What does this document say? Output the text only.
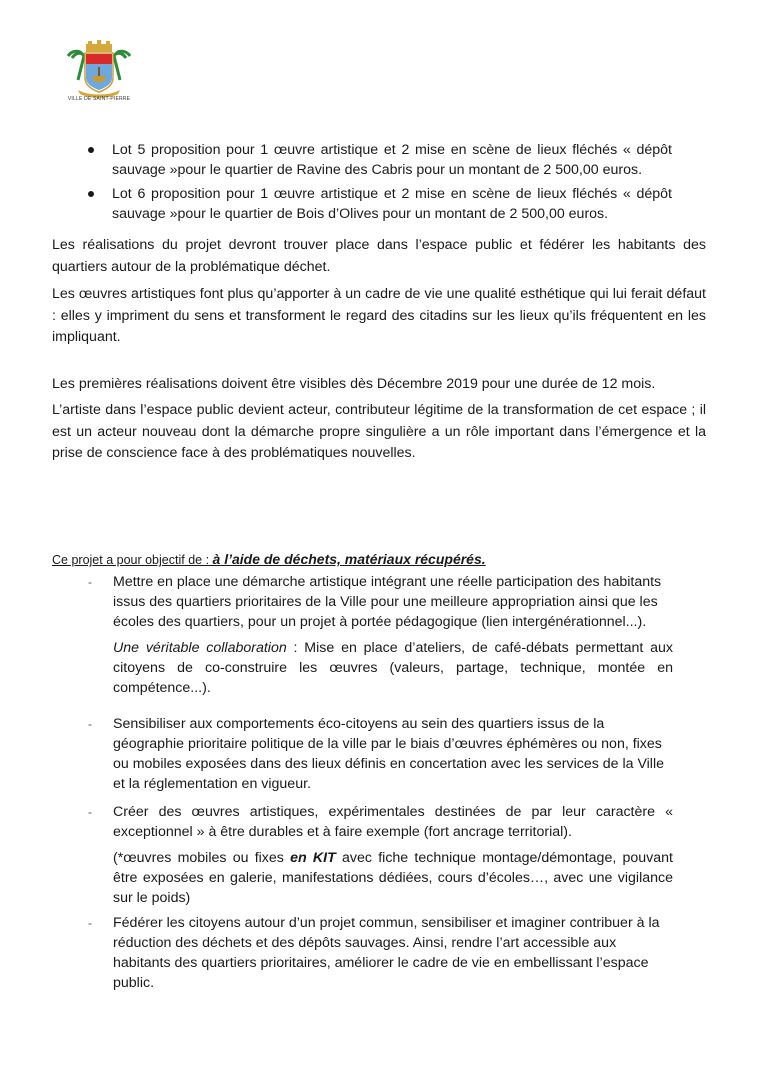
VILLE DE SAINT-PIERRE
Lot 5 proposition pour 1 œuvre artistique et 2 mise en scène de lieux fléchés « dépôt sauvage »pour le quartier de Ravine des Cabris pour un montant de 2 500,00 euros.
Lot 6 proposition pour 1 œuvre artistique et 2 mise en scène de lieux fléchés « dépôt sauvage »pour le quartier de Bois d’Olives pour un montant de 2 500,00 euros.

Les réalisations du projet devront trouver place dans l’espace public et fédérer les habitants des quartiers autour de la problématique déchet.

Les œuvres artistiques font plus qu’apporter à un cadre de vie une qualité esthétique qui lui ferait défaut : elles y impriment du sens et transforment le regard des citadins sur les lieux qu’ils fréquentent en les impliquant.

Les premières réalisations doivent être visibles dès Décembre 2019 pour une durée de 12 mois.

L’artiste dans l’espace public devient acteur, contributeur légitime de la transformation de cet espace ; il est un acteur nouveau dont la démarche propre singulière a un rôle important dans l’émergence et la prise de conscience face à des problématiques nouvelles.

Ce projet a pour objectif de : à l’aide de déchets, matériaux récupérés.

-	Mettre en place une démarche artistique intégrant une réelle participation des habitants issus des quartiers prioritaires de la Ville pour une meilleure appropriation ainsi que les écoles des quartiers, pour un projet à portée pédagogique (lien intergénérationnel...).

Une véritable collaboration : Mise en place d’ateliers, de café-débats permettant aux citoyens de co-construire les œuvres (valeurs, partage, technique, montée en compétence...).

-	Sensibiliser aux comportements éco-citoyens au sein des quartiers issus de la géographie prioritaire politique de la ville par le biais d’œuvres éphémères ou non, fixes ou mobiles exposées dans des lieux définis en concertation avec les services de la Ville et la réglementation en vigueur.

-	Créer des œuvres artistiques, expérimentales destinées de par leur caractère « exceptionnel » à être durables et à faire exemple (fort ancrage territorial).

(*œuvres mobiles ou fixes en KIT avec fiche technique montage/démontage, pouvant être exposées en galerie, manifestations dédiées, cours d’écoles…, avec une vigilance sur le poids)

-	Fédérer les citoyens autour d’un projet commun, sensibiliser et imaginer contribuer à la réduction des déchets et des dépôts sauvages. Ainsi, rendre l’art accessible aux habitants des quartiers prioritaires, améliorer le cadre de vie en embellissant l’espace public.
